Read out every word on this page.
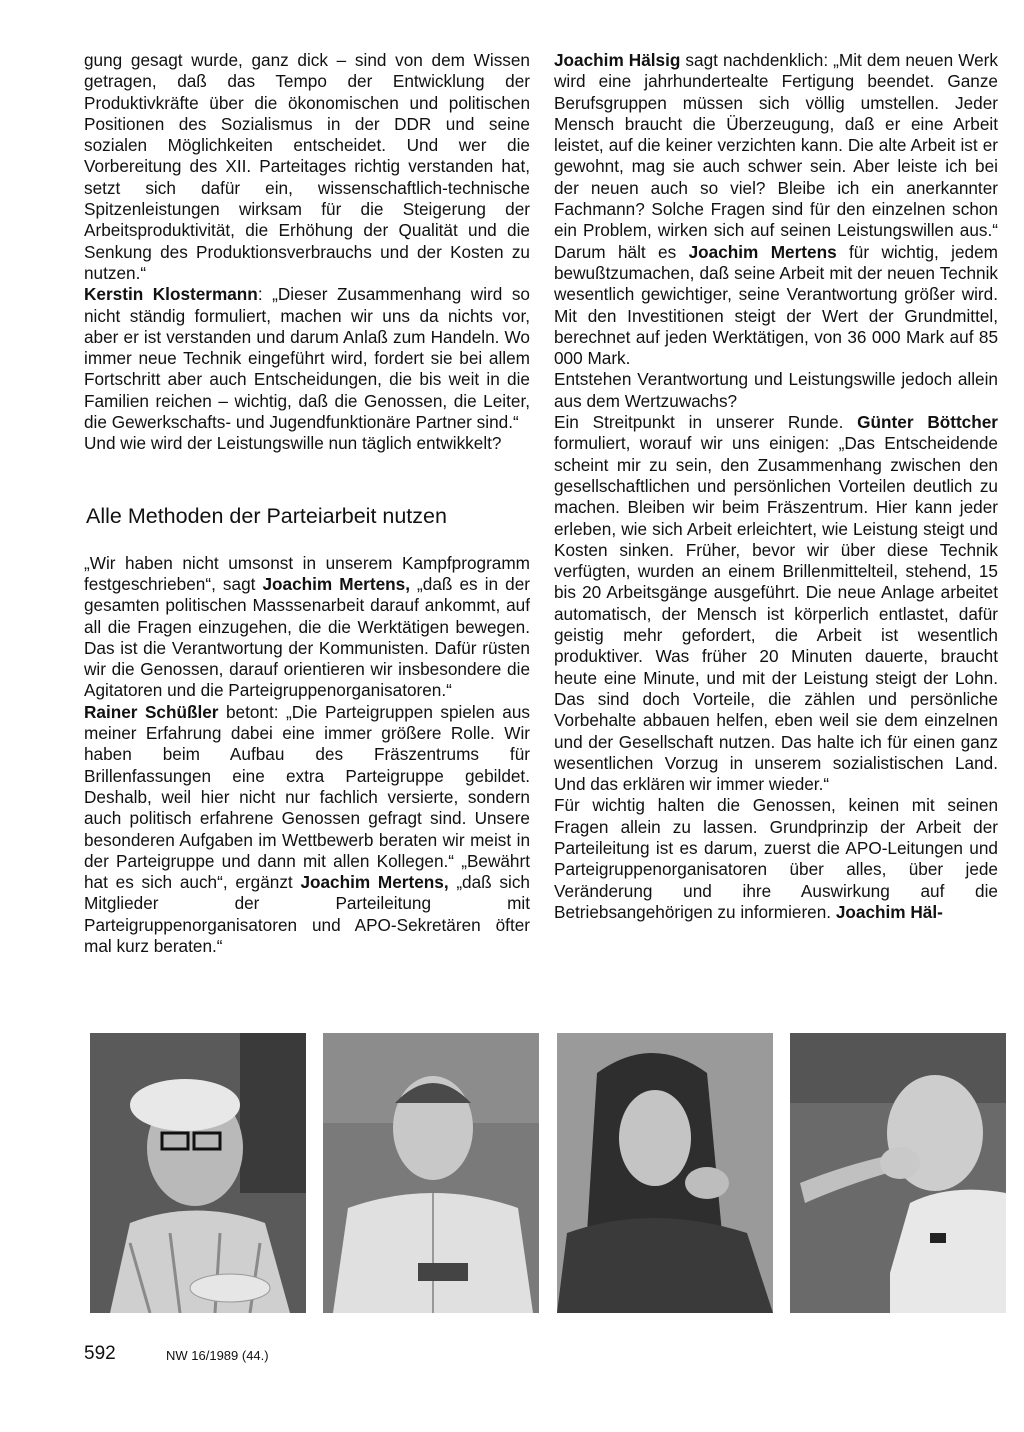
gung gesagt wurde, ganz dick – sind von dem Wissen getragen, daß das Tempo der Entwicklung der Produktivkräfte über die ökonomischen und politischen Positionen des Sozialismus in der DDR und seine sozialen Möglichkeiten entscheidet. Und wer die Vorbereitung des XII. Parteitages richtig verstanden hat, setzt sich dafür ein, wissenschaftlich-technische Spitzenleistungen wirksam für die Steigerung der Arbeitsproduktivität, die Erhöhung der Qualität und die Senkung des Produktionsverbrauchs und der Kosten zu nutzen.“

Kerstin Klostermann: „Dieser Zusammenhang wird so nicht ständig formuliert, machen wir uns da nichts vor, aber er ist verstanden und darum Anlaß zum Handeln. Wo immer neue Technik eingeführt wird, fordert sie bei allem Fortschritt aber auch Entscheidungen, die bis weit in die Familien reichen – wichtig, daß die Genossen, die Leiter, die Gewerkschafts- und Jugendfunktionäre Partner sind.“

Und wie wird der Leistungswille nun täglich entwikkelt?

Alle Methoden der Parteiarbeit nutzen

„Wir haben nicht umsonst in unserem Kampfprogramm festgeschrieben“, sagt Joachim Mertens, „daß es in der gesamten politischen Masssenarbeit darauf ankommt, auf all die Fragen einzugehen, die die Werktätigen bewegen. Das ist die Verantwortung der Kommunisten. Dafür rüsten wir die Genossen, darauf orientieren wir insbesondere die Agitatoren und die Parteigruppenorganisatoren.“

Rainer Schüßler betont: „Die Parteigruppen spielen aus meiner Erfahrung dabei eine immer größere Rolle. Wir haben beim Aufbau des Fräszentrums für Brillenfassungen eine extra Parteigruppe gebildet. Deshalb, weil hier nicht nur fachlich versierte, sondern auch politisch erfahrene Genossen gefragt sind. Unsere besonderen Aufgaben im Wettbewerb beraten wir meist in der Parteigruppe und dann mit allen Kollegen.“ „Bewährt hat es sich auch“, ergänzt Joachim Mertens, „daß sich Mitglieder der Parteileitung mit Parteigruppenorganisatoren und APO-Sekretären öfter mal kurz beraten.“

Joachim Hälsig sagt nachdenklich: „Mit dem neuen Werk wird eine jahrhundertealte Fertigung beendet. Ganze Berufsgruppen müssen sich völlig umstellen. Jeder Mensch braucht die Überzeugung, daß er eine Arbeit leistet, auf die keiner verzichten kann. Die alte Arbeit ist er gewohnt, mag sie auch schwer sein. Aber leiste ich bei der neuen auch so viel? Bleibe ich ein anerkannter Fachmann? Solche Fragen sind für den einzelnen schon ein Problem, wirken sich auf seinen Leistungswillen aus.“ Darum hält es Joachim Mertens für wichtig, jedem bewußtzumachen, daß seine Arbeit mit der neuen Technik wesentlich gewichtiger, seine Verantwortung größer wird. Mit den Investitionen steigt der Wert der Grundmittel, berechnet auf jeden Werktätigen, von 36 000 Mark auf 85 000 Mark.

Entstehen Verantwortung und Leistungswille jedoch allein aus dem Wertzuwachs?

Ein Streitpunkt in unserer Runde. Günter Böttcher formuliert, worauf wir uns einigen: „Das Entscheidende scheint mir zu sein, den Zusammenhang zwischen den gesellschaftlichen und persönlichen Vorteilen deutlich zu machen. Bleiben wir beim Fräszentrum. Hier kann jeder erleben, wie sich Arbeit erleichtert, wie Leistung steigt und Kosten sinken. Früher, bevor wir über diese Technik verfügten, wurden an einem Brillenmittelteil, stehend, 15 bis 20 Arbeitsgänge ausgeführt. Die neue Anlage arbeitet automatisch, der Mensch ist körperlich entlastet, dafür geistig mehr gefordert, die Arbeit ist wesentlich produktiver. Was früher 20 Minuten dauerte, braucht heute eine Minute, und mit der Leistung steigt der Lohn. Das sind doch Vorteile, die zählen und persönliche Vorbehalte abbauen helfen, eben weil sie dem einzelnen und der Gesellschaft nutzen. Das halte ich für einen ganz wesentlichen Vorzug in unserem sozialistischen Land. Und das erklären wir immer wieder.“

Für wichtig halten die Genossen, keinen mit seinen Fragen allein zu lassen. Grundprinzip der Arbeit der Parteileitung ist es darum, zuerst die APO-Leitungen und Parteigruppenorganisatoren über alles, über jede Veränderung und ihre Auswirkung auf die Betriebsangehörigen zu informieren. Joachim Häl-

592	NW 16/1989 (44.)
